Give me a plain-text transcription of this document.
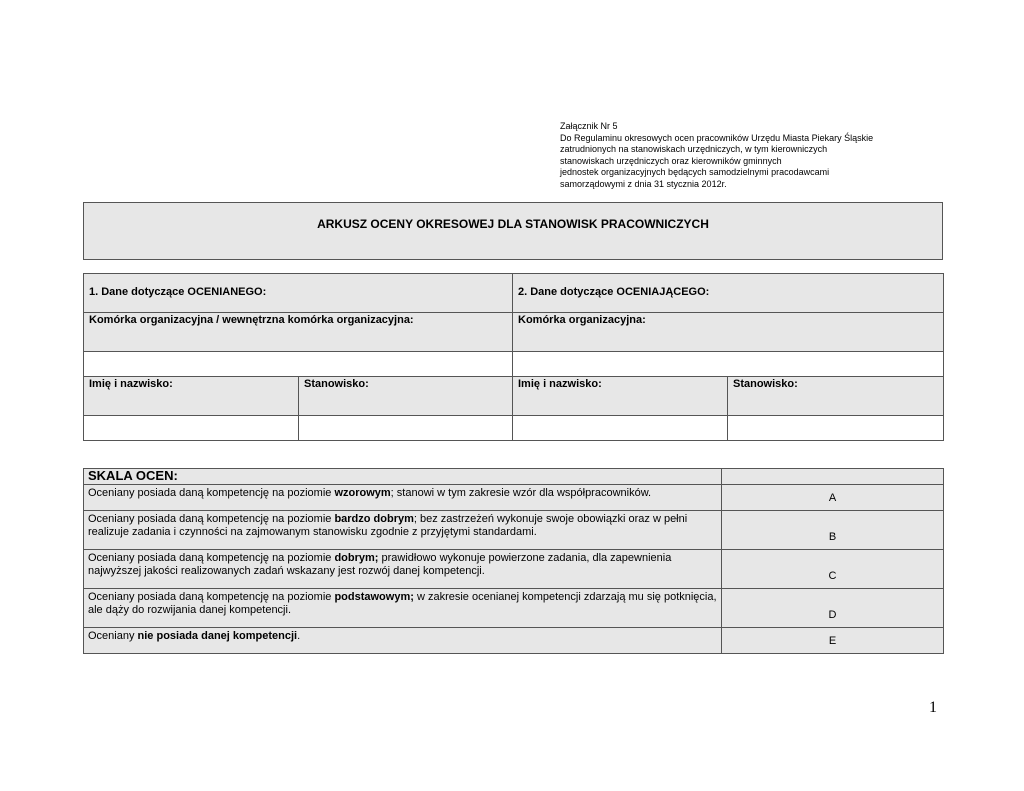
Załącznik Nr 5
Do Regulaminu okresowych ocen pracowników Urzędu Miasta Piekary Śląskie
zatrudnionych na stanowiskach urzędniczych, w tym kierowniczych
stanowiskach urzędniczych oraz kierowników gminnych
jednostek organizacyjnych będących samodzielnymi pracodawcami
samorządowymi z dnia 31 stycznia 2012r.
ARKUSZ OCENY OKRESOWEJ DLA STANOWISK PRACOWNICZYCH
1. Dane dotyczące OCENIANEGO:		2. Dane dotyczące OCENIAJĄCEGO:	
Komórka organizacyjna / wewnętrzna komórka organizacyjna:		Komórka organizacyjna:	

Imię i nazwisko:	Stanowisko:	Imię i nazwisko:	Stanowisko:

SKALA OCEN:	
Oceniany posiada daną kompetencję na poziomie wzorowym; stanowi w tym zakresie wzór dla współpracowników.	A
Oceniany posiada daną kompetencję na poziomie bardzo dobrym; bez zastrzeżeń wykonuje swoje obowiązki oraz w pełni realizuje zadania i czynności na zajmowanym stanowisku zgodnie z przyjętymi standardami.	B
Oceniany posiada daną kompetencję na poziomie dobrym; prawidłowo wykonuje powierzone zadania, dla zapewnienia najwyższej jakości realizowanych zadań wskazany jest rozwój danej kompetencji.	C
Oceniany posiada daną kompetencję na poziomie podstawowym; w zakresie ocenianej kompetencji zdarzają mu się potknięcia, ale dąży do rozwijania danej kompetencji.	D
Oceniany nie posiada danej kompetencji.	E
1
